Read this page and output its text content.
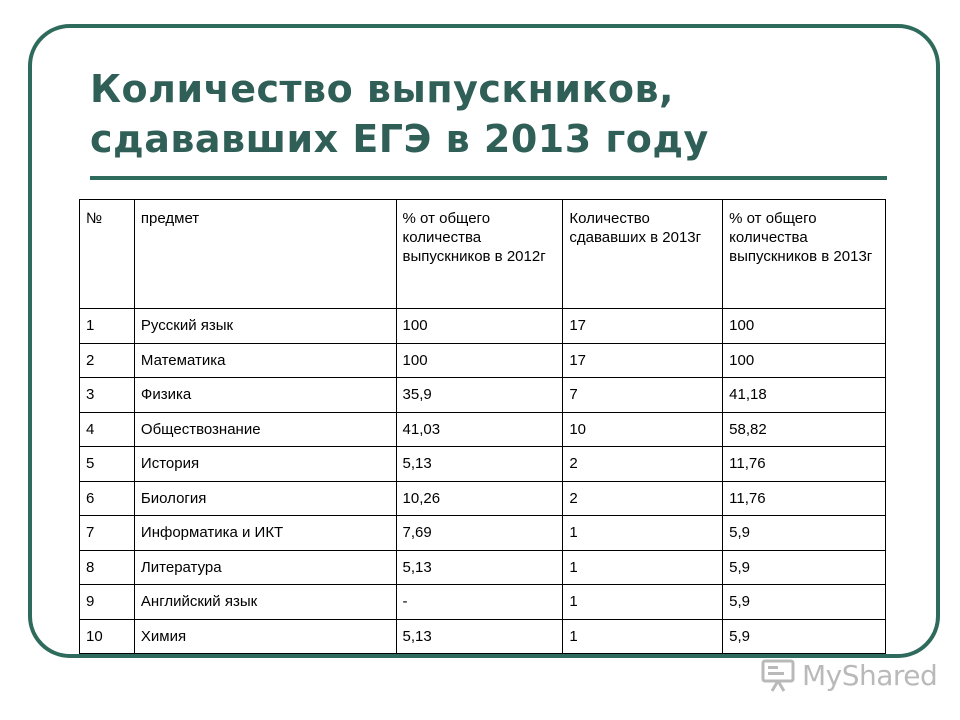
Количество выпускников,
сдававших ЕГЭ в 2013 году
№	предмет	% от общего количества выпускников в 2012г	Количество сдававших в 2013г	% от общего количества выпускников в 2013г
1	Русский язык	100	17	100
2	Математика	100	17	100
3	Физика	35,9	7	41,18
4	Обществознание	41,03	10	58,82
5	История	5,13	2	11,76
6	Биология	10,26	2	11,76
7	Информатика и ИКТ	7,69	1	5,9
8	Литература	5,13	1	5,9
9	Английский язык	-	1	5,9
10	Химия	5,13	1	5,9
MyShared
